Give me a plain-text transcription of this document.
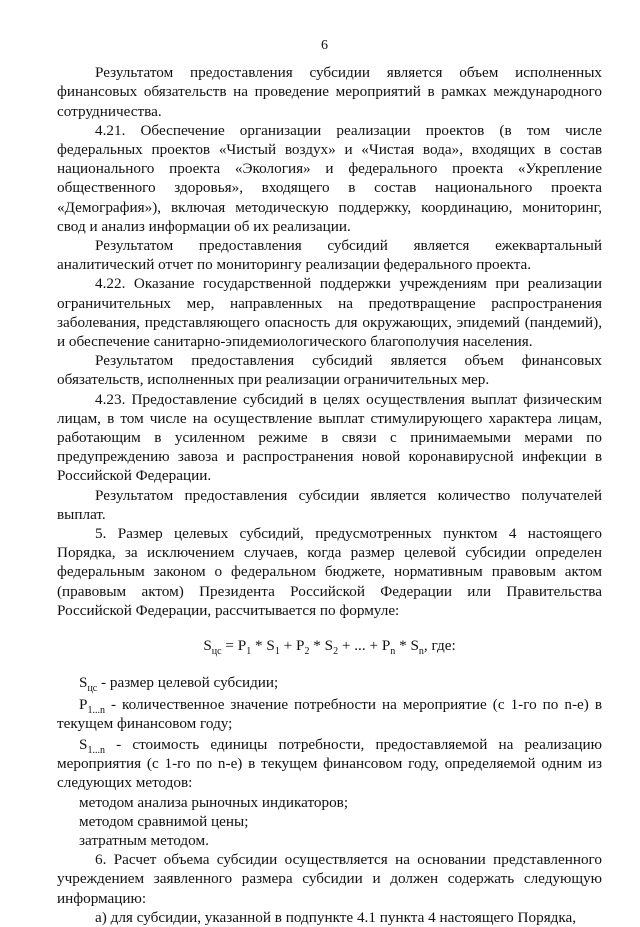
6

Результатом предоставления субсидии является объем исполненных финансовых обязательств на проведение мероприятий в рамках международного сотрудничества.

4.21. Обеспечение организации реализации проектов (в том числе федеральных проектов «Чистый воздух» и «Чистая вода», входящих в состав национального проекта «Экология» и федерального проекта «Укрепление общественного здоровья», входящего в состав национального проекта «Демография»), включая методическую поддержку, координацию, мониторинг, свод и анализ информации об их реализации.

Результатом предоставления субсидий является ежеквартальный аналитический отчет по мониторингу реализации федерального проекта.

4.22. Оказание государственной поддержки учреждениям при реализации ограничительных мер, направленных на предотвращение распространения заболевания, представляющего опасность для окружающих, эпидемий (пандемий), и обеспечение санитарно-эпидемиологического благополучия населения.

Результатом предоставления субсидий является объем финансовых обязательств, исполненных при реализации ограничительных мер.

4.23. Предоставление субсидий в целях осуществления выплат физическим лицам, в том числе на осуществление выплат стимулирующего характера лицам, работающим в усиленном режиме в связи с принимаемыми мерами по предупреждению завоза и распространения новой коронавирусной инфекции в Российской Федерации.

Результатом предоставления субсидии является количество получателей выплат.

5. Размер целевых субсидий, предусмотренных пунктом 4 настоящего Порядка, за исключением случаев, когда размер целевой субсидии определен федеральным законом о федеральном бюджете, нормативным правовым актом (правовым актом) Президента Российской Федерации или Правительства Российской Федерации, рассчитывается по формуле:

$S_{цс} = P_1 * S_1 + P_2 * S_2$ + ... + $P_n * S_n$, где:

$S_{цс}$ - размер целевой субсидии;

$P_{1...n}$ - количественное значение потребности на мероприятие (с 1-го по n-е) в текущем финансовом году;

$S_{1...n}$ - стоимость единицы потребности, предоставляемой на реализацию мероприятия (с 1-го по n-е) в текущем финансовом году, определяемой одним из следующих методов:

методом анализа рыночных индикаторов;

методом сравнимой цены;

затратным методом.

6. Расчет объема субсидии осуществляется на основании представленного учреждением заявленного размера субсидии и должен содержать следующую информацию:

а) для субсидии, указанной в подпункте 4.1 пункта 4 настоящего Порядка,
